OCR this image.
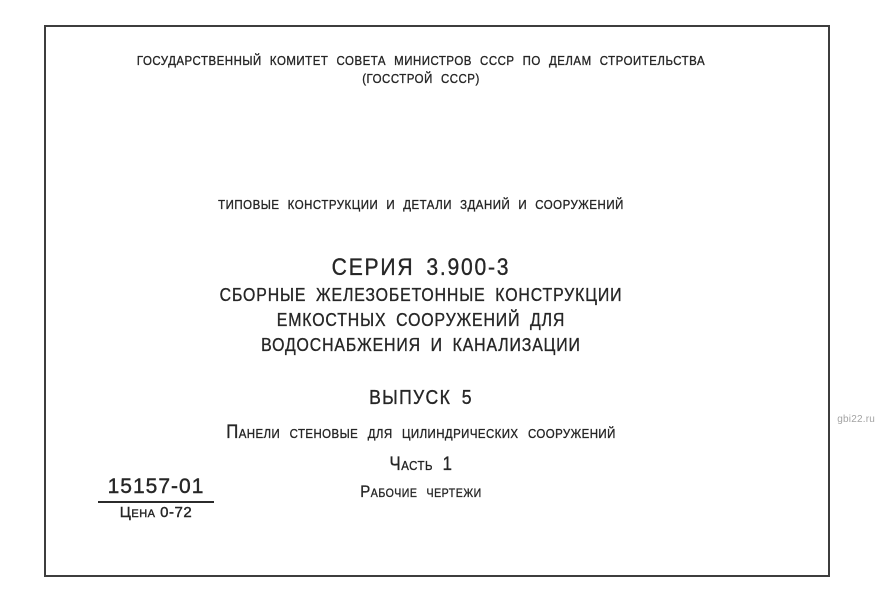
ГОСУДАРСТВЕННЫЙ КОМИТЕТ СОВЕТА МИНИСТРОВ СССР ПО ДЕЛАМ СТРОИТЕЛЬСТВА
(ГОССТРОЙ СССР)
ТИПОВЫЕ КОНСТРУКЦИИ И ДЕТАЛИ ЗДАНИЙ И СООРУЖЕНИЙ
СЕРИЯ 3.900-3
СБОРНЫЕ ЖЕЛЕЗОБЕТОННЫЕ КОНСТРУКЦИИ
ЕМКОСТНЫХ СООРУЖЕНИЙ ДЛЯ
ВОДОСНАБЖЕНИЯ И КАНАЛИЗАЦИИ
ВЫПУСК 5
Панели стеновые для цилиндрических сооружений
Часть 1
Рабочие чертежи
15157-01
Цена 0-72
gbi22.ru
